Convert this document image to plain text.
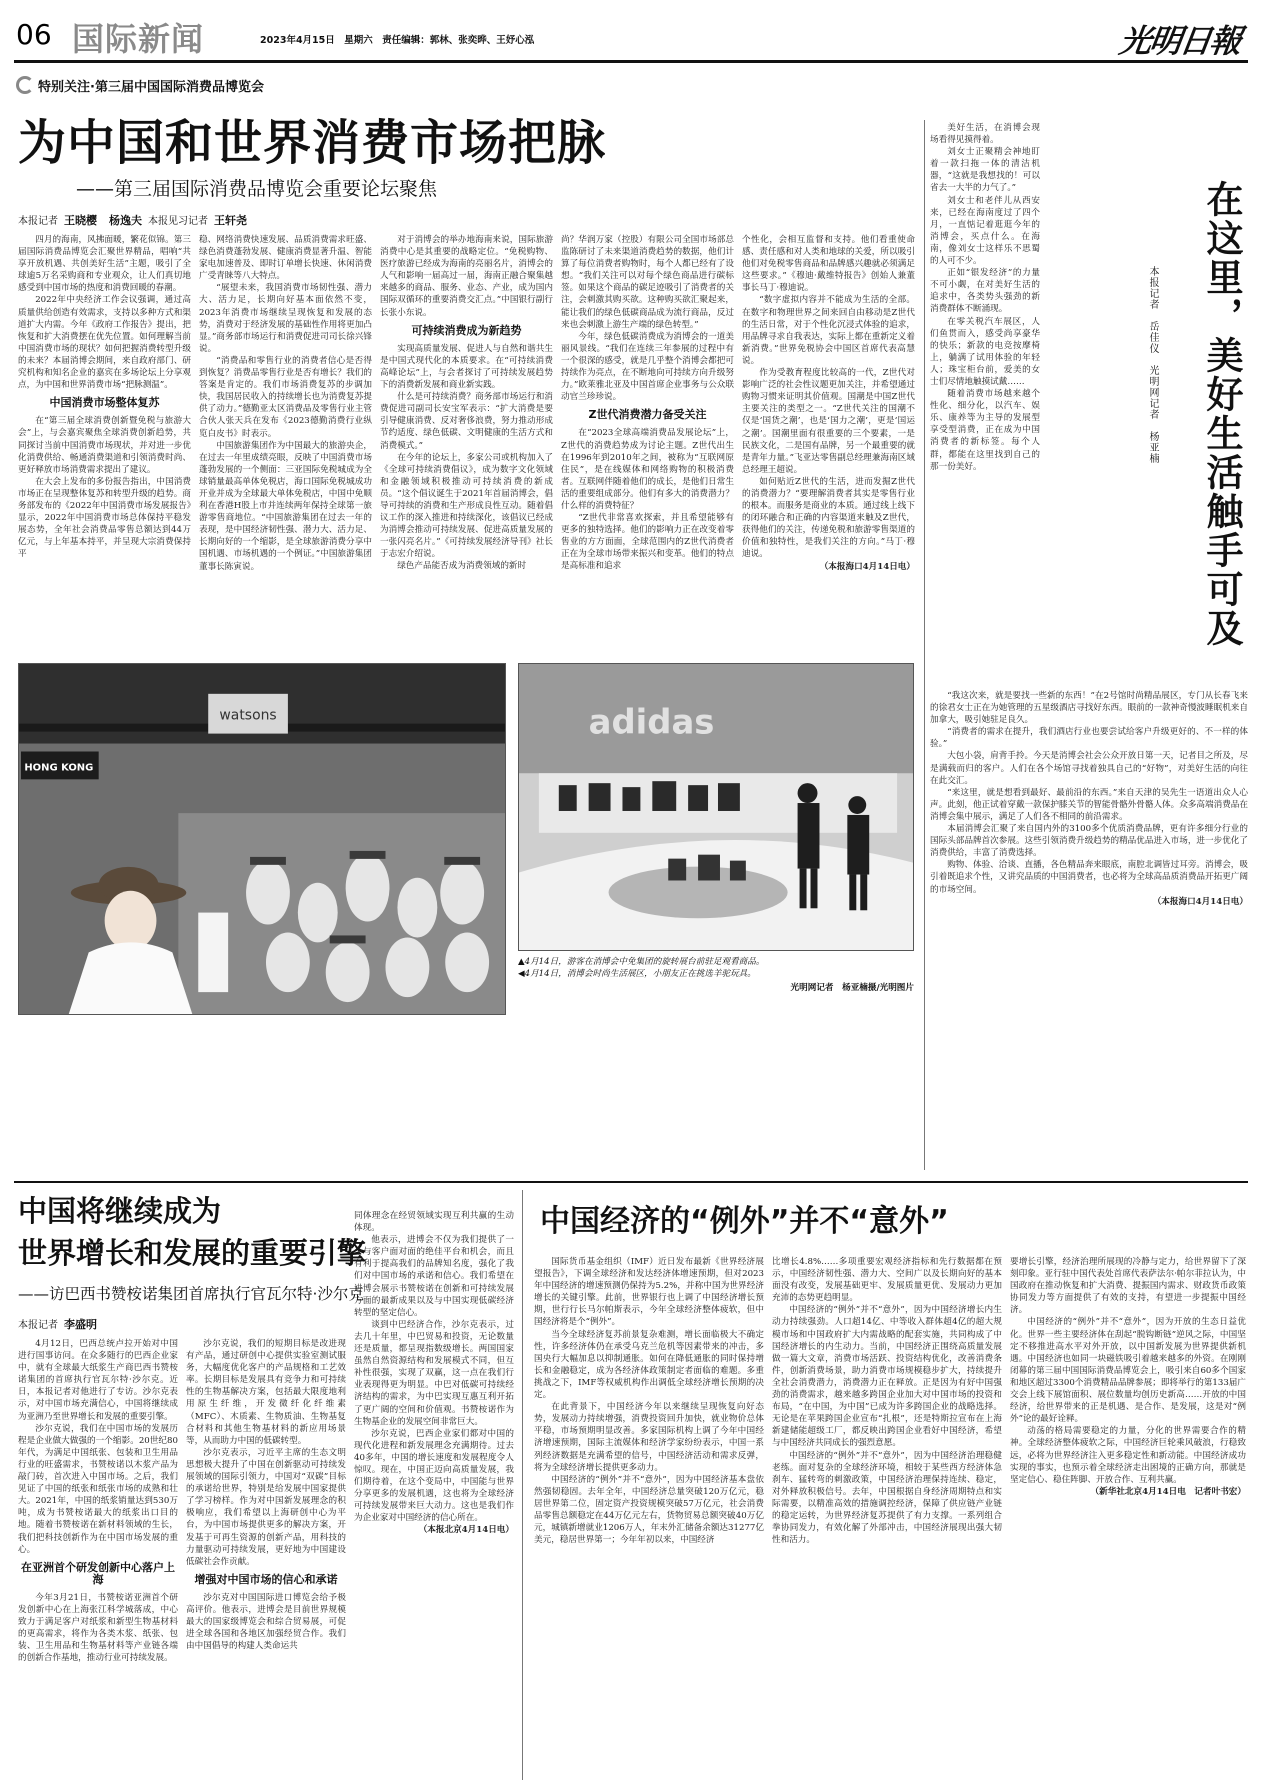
06 国际新闻	2023年4月15日　星期六　责任编辑：郭林、张奕晔、王妤心泓	光明日報
特别关注·第三届中国国际消费品博览会
为中国和世界消费市场把脉
——第三届国际消费品博览会重要论坛聚焦
本报记者 王晓樱 杨逸夫 本报见习记者 王轩尧

四月的海南，风拂面暖，繁花似锦。第三届国际消费品博览会汇聚世界精品，唱响“共享开放机遇、共创美好生活”主题，吸引了全球逾5万名采购商和专业观众，让人们真切地感受到中国市场的热度和消费回暖的春潮。

2022年中央经济工作会议强调，通过高质量供给创造有效需求，支持以多种方式和渠道扩大内需。今年《政府工作报告》提出，把恢复和扩大消费摆在优先位置。如何理解当前中国消费市场的现状？如何把握消费转型升级的未来？本届消博会期间，来自政府部门、研究机构和知名企业的嘉宾在多场论坛上分享观点，为中国和世界消费市场“把脉测温”。

中国消费市场整体复苏

在“第三届全球消费创新暨免税与旅游大会”上，与会嘉宾聚焦全球消费创新趋势，共同探讨当前中国消费市场现状，并对进一步优化消费供给、畅通消费渠道和引领消费时尚、更好释放市场消费需求提出了建议。

在大会上发布的多份报告指出，中国消费市场正在呈现整体复苏和转型升级的趋势。商务部发布的《2022年中国消费市场发展报告》显示，2022年中国消费市场总体保持平稳发展态势，全年社会消费品零售总额达到44万亿元，与上年基本持平，并呈现大宗消费保持平

稳、网络消费快速发展、品质消费需求旺盛、绿色消费蓬勃发展、健康消费显著升温、智能家电加速普及、即时订单增长快速、休闲消费广受青睐等八大特点。

“展望未来，我国消费市场韧性强、潜力大、活力足，长期向好基本面依然不变，2023年消费市场继续呈现恢复和发展的态势，消费对于经济发展的基础性作用将更加凸显。”商务部市场运行和消费促进司司长徐兴锋说。

“消费品和零售行业的消费者信心是否得到恢复？消费品零售行业是否有增长？我们的答案是肯定的。我们市场消费复苏的步调加快，我国居民收入的持续增长也为消费复苏提供了动力。”德勤亚太区消费品及零售行业主管合伙人张天兵在发布《2023德勤消费行业纵览白皮书》时表示。

中国旅游集团作为中国最大的旅游央企，在过去一年里成绩亮眼，反映了中国消费市场蓬勃发展的一个侧面：三亚国际免税城成为全球销量最高单体免税店，海口国际免税城成功开业并成为全球最大单体免税店，中国中免顺利在香港H股上市并连续两年保持全球第一旅游零售商地位。“中国旅游集团在过去一年的表现，是中国经济韧性强、潜力大、活力足、长期向好的一个缩影，是全球旅游消费分享中国机遇、市场机遇的一个例证。”中国旅游集团董事长陈寅说。

对于消博会的举办地海南来说，国际旅游消费中心是其重要的战略定位。“免税购物、医疗旅游已经成为海南的亮丽名片，消博会的人气和影响一届高过一届，海南正融合聚集越来越多的商品、服务、业态、产业，成为国内国际双循环的重要消费交汇点。”中国银行副行长张小东说。

可持续消费成为新趋势

实现高质量发展、促进人与自然和谐共生是中国式现代化的本质要求。在“可持续消费高峰论坛”上，与会者探讨了可持续发展趋势下的消费新发展和商业新实践。

什么是可持续消费？商务部市场运行和消费促进司副司长安宝军表示：“扩大消费是要引导健康消费、反对奢侈浪费，努力推动形成节约适度、绿色低碳、文明健康的生活方式和消费模式。”

在今年的论坛上，多家公司或机构加入了《全球可持续消费倡议》，成为数字文化领域和金融领域积极推动可持续消费的新成员。“这个倡议诞生于2021年首届消博会，倡导可持续的消费和生产形成良性互动。随着倡议工作的深入推进和持续深化，该倡议已经成为消博会推动可持续发展、促进高质量发展的一张闪亮名片。”《可持续发展经济导刊》社长于志宏介绍说。

绿色产品能否成为消费领域的新时

尚？华润万家（控股）有限公司全国市场部总监陈研讨了未来渠道消费趋势的数据，他们计算了每位消费者购物时，每个人都已经有了设想。“我们关注可以对每个绿色商品进行碳标签。如果这个商品的碳足迹吸引了消费者的关注，会刺激其购买欲。这种购买欲汇聚起来，能让我们的绿色低碳商品成为流行商品，反过来也会刺激上游生产端的绿色转型。”

今年，绿色低碳消费成为消博会的一道美丽风景线。“我们在连续三年参展的过程中有一个很深的感受，就是几乎整个消博会都把可持续作为亮点，在不断地向可持续方向升级努力。”欧莱雅北亚及中国首席企业事务与公众联动官兰珍珍说。

Z世代消费潜力备受关注

在“2023全球高端消费品发展论坛”上，Z世代的消费趋势成为讨论主题。Z世代出生在1996年到2010年之间，被称为“互联网原住民”，是在线媒体和网络购物的积极消费者。互联网伴随着他们的成长，是他们日常生活的重要组成部分。他们有多大的消费潜力？什么样的消费特征？

“Z世代非常喜欢探索，并且希望能够有更多的独特选择。他们的影响力正在改变着零售业的方方面面，全球范围内的Z世代消费者正在为全球市场带来振兴和变革。他们的特点是高标准和追求

个性化，会相互监督和支持。他们看重使命感、责任感和对人类和地球的关爱，所以吸引他们对免税零售商品和品牌感兴趣就必须满足这些要求。”《穆迪·戴维特报告》创始人兼董事长马丁·穆迪说。

“数字虚拟内容并不能成为生活的全部。在数字和物理世界之间来回自由移动是Z世代的生活日常，对于个性化沉浸式体验的追求，用品牌寻求自我表达，实际上都在重新定义着新消费。”世界免税协会中国区首席代表高慧说。

作为受教育程度比较高的一代，Z世代对影响广泛的社会性议题更加关注，并希望通过购物习惯来证明其价值观。国潮是中国Z世代主要关注的类型之一。“Z世代关注的国潮不仅是‘国货之潮’，也是‘国力之潮’，更是‘国运之潮’。国潮里面有很重要的三个要素，一是民族文化，二是国有品牌，另一个最重要的就是青年力量。”飞亚达零售副总经理兼海南区域总经理王超说。

如何贴近Z世代的生活，进而发掘Z世代的消费潜力？“要理解消费者其实是零售行业的根本。而服务是商业的本质。通过线上线下的闭环融合和正确的内容渠道来触及Z世代，获得他们的关注，传递免税和旅游零售渠道的价值和独特性，是我们关注的方向。”马丁·穆迪说。

（本报海口4月14日电）	在这里，美好生活触手可及
本报记者　岳佳仪　光明网记者　杨亚楠

美好生活，在消博会现场看得见摸得着。

刘女士正聚精会神地盯着一款扫拖一体的清洁机器，“这就是我想找的！可以省去一大半的力气了。”

刘女士和老伴儿从西安来，已经在海南度过了四个月，一直惦记着逛逛今年的消博会，买点什么。在海南，像刘女士这样乐不思蜀的人可不少。

正如“银发经济”的力量不可小觑，在对美好生活的追求中，各类势头强劲的新消费群体不断涌现。

在零关税汽车展区，人们鱼贯而入，感受尚享豪华的快乐；新款的电竞按摩椅上，躺满了试用体验的年轻人；珠宝柜台前，爱美的女士们尽情地触摸试戴……

随着消费市场越来越个性化、细分化，以汽车、娱乐、康养等为主导的发展型享受型消费，正在成为中国消费者的新标签。每个人群，都能在这里找到自己的那一份美好。

“我这次来，就是要找一些新的东西！”在2号馆时尚精品展区，专门从长春飞来的徐君女士正在为她管理的五星级酒店寻找好东西。眼前的一款神奇慢波睡眠机来自加拿大，吸引她驻足良久。

“消费者的需求在提升，我们酒店行业也要尝试给客户升级更好的、不一样的体验。”

大包小袋，肩背手拎。今天是消博会社会公众开放日第一天，记者目之所及，尽是满载而归的客户。人们在各个场馆寻找着独具自己的“好物”，对美好生活的向往在此交汇。

“来这里，就是想看到最好、最前沿的东西。”来自天津的吴先生一语道出众人心声。此刻，他正试着穿戴一款保护膝关节的智能骨骼外骨骼人体。众多高端消费品在消博会集中展示，满足了人们各不相同的前沿需求。

本届消博会汇聚了来自国内外的3100多个优质消费品牌，更有许多细分行业的国际头部品牌首次参展。这些引领消费升级趋势的精品优品进入市场，进一步优化了消费供给，丰富了消费选择。

购物、体验、洽谈、直播，各色精品奔来眼底，南腔北调皆过耳旁。消博会，吸引着既追求个性，又讲究品质的中国消费者，也必将为全球高品质消费品开拓更广阔的市场空间。

（本报海口4月14日电）

watsons
HONG KONG
adidas
▲4月14日，游客在消博会中免集团的旋转展台前驻足观看商品。
◀4月14日，消博会时尚生活展区，小朋友正在挑选羊驼玩具。
光明网记者　杨亚楠摄/光明图片
中国将继续成为
世界增长和发展的重要引擎
——访巴西书赞桉诺集团首席执行官瓦尔特·沙尔克
本报记者 李盛明

4月12日，巴西总统卢拉开始对中国进行国事访问。在众多随行的巴西企业家中，就有全球最大纸浆生产商巴西书赞桉诺集团的首席执行官瓦尔特·沙尔克。近日，本报记者对他进行了专访。沙尔克表示，对中国市场充满信心，中国将继续成为亚洲乃至世界增长和发展的重要引擎。

沙尔克说，我们在中国市场的发展历程是企业做大做强的一个缩影。20世纪80年代，为满足中国纸张、包装和卫生用品行业的旺盛需求，书赞桉诺以木浆产品为敲门砖，首次进入中国市场。之后，我们见证了中国的纸张和纸张市场的成熟和壮大。2021年，中国的纸浆销量达到530万吨，成为书赞桉诺最大的纸浆出口目的地。随着书赞桉诺在新材料领域的生长，我们把科技创新作为在中国市场发展的重心。

在亚洲首个研发创新中心落户上海

今年3月21日，书赞桉诺亚洲首个研发创新中心在上海张江科学城落成，中心致力于满足客户对纸浆和新型生物基材料的更高需求，将作为各类木浆、纸张、包装、卫生用品和生物基材料等产业链各端的创新合作基地，推动行业可持续发展。

沙尔克说，我们的短期目标是改进现有产品，通过研创中心提供实验室测试服务，大幅度优化客户的产品规格和工艺效率。长期目标是发展具有竞争力和可持续性的生物基解决方案，包括最大限度地利用原生纤维，开发微纤化纤维素（MFC）、木质素、生物质油、生物基复合材料和其他生物基材料的新应用场景等，从而助力中国的低碳转型。

沙尔克表示，习近平主席的生态文明思想极大提升了中国在创新驱动可持续发展领域的国际引领力，中国对“双碳”目标的承诺给世界，特别是给发展中国家提供了学习榜样。作为对中国新发展理念的积极响应，我们希望以上海研创中心为平台，为中国市场提供更多的解决方案，开发基于可再生资源的创新产品，用科技的力量驱动可持续发展，更好地为中国建设低碳社会作贡献。

增强对中国市场的信心和承诺

沙尔克对中国国际进口博览会给予极高评价。他表示，进博会是目前世界规模最大的国家级博览会和综合贸易展，可促进全球各国和各地区加强经贸合作。我们由中国倡导的构建人类命运共

同体理念在经贸领域实现互利共赢的生动体现。

他表示，进博会不仅为我们提供了一个与客户面对面的绝佳平台和机会，而且有利于提高我们的品牌知名度，强化了我们对中国市场的承诺和信心。我们希望在进博会展示书赞桉诺在创新和可持续发展方面的最新成果以及与中国实现低碳经济转型的坚定信心。

谈到中巴经济合作，沙尔克表示，过去几十年里，中巴贸易和投资，无论数量还是质量，都呈现指数级增长。两国国家虽然自然资源结构和发展模式不同，但互补性很强，实现了双赢，这一点在我们行业表现得更为明显。中巴对低碳可持续经济结构的需求，为中巴实现互惠互利开拓了更广阔的空间和价值观。书赞桉诺作为生物基企业的发展空间非常巨大。

沙尔克说，巴西企业家们都对中国的现代化进程和新发展理念充满期待。过去40多年，中国的增长速度和发展程度令人惊叹。现在，中国正迈向高质量发展，我们期待着，在这个变局中，中国能与世界分享更多的发展机遇，这也将为全球经济可持续发展带来巨大动力。这也是我们作为企业家对中国经济的信心所在。

（本报北京4月14日电）

中国经济的“例外”并不“意外”

国际货币基金组织（IMF）近日发布最新《世界经济展望报告》，下调全球经济和发达经济体增速预期，但对2023年中国经济的增速预测仍保持为5.2%，并称中国为世界经济增长的关键引擎。此前，世界银行也上调了中国经济增长预期，世行行长马尔帕斯表示，今年全球经济整体疲软，但中国经济将是个“例外”。

当今全球经济复苏前景复杂难测，增长面临极大不确定性，许多经济体仍在承受乌克兰危机等因素带来的冲击，多国央行大幅加息以抑制通胀。如何在降低通胀的同时保持增长和金融稳定，成为各经济体政策制定者面临的难题。多重挑战之下，IMF等权威机构作出调低全球经济增长预期的决定。

在此背景下，中国经济今年以来继续呈现恢复向好态势，发展动力持续增强，消费投资回升加快，就业物价总体平稳，市场预期明显改善。多家国际机构上调了今年中国经济增速预期，国际主流媒体和经济学家纷纷表示，中国一系列经济数据是充满希望的信号，中国经济活动和需求反弹，将为全球经济增长提供更多动力。

中国经济的“例外”并不“意外”，因为中国经济基本盘依然强韧稳固。去年全年，中国经济总量突破120万亿元，稳居世界第二位，固定资产投资规模突破57万亿元，社会消费品零售总额稳定在44万亿元左右，货物贸易总额突破40万亿元，城镇新增就业1206万人，年末外汇储备余额达31277亿美元，稳居世界第一；今年年初以来，中国经济

比增长4.8%……多项重要宏观经济指标和先行数据都在预示，中国经济韧性强、潜力大、空间广以及长期向好的基本面没有改变，发展基础更牢、发展质量更优、发展动力更加充沛的态势更趋明显。

中国经济的“例外”并不“意外”，因为中国经济增长内生动力持续强劲。人口超14亿、中等收入群体超4亿的超大规模市场和中国政府扩大内需战略的配套实施，共同构成了中国经济增长的内生动力。当前，中国经济正围绕高质量发展做一篇大文章，消费市场活跃、投资结构优化，改善消费条件，创新消费场景，助力消费市场规模稳步扩大，持续提升全社会消费潜力，消费潜力正在释放。正是因为有好中国强劲的消费需求，越来越多跨国企业加大对中国市场的投资和布局，“在中国，为中国”已成为许多跨国企业的战略选择。无论是在苹果跨国企业宣布“扎根”，还是特斯拉宣布在上海新建储能超级工厂，都反映出跨国企业看好中国经济，希望与中国经济共同成长的强烈意愿。

中国经济的“例外”并不“意外”，因为中国经济治理稳健老练。面对复杂的全球经济环境，相较于某些西方经济体急刹车、猛转弯的刺激政策，中国经济治理保持连续、稳定，对外释放积极信号。去年，中国根据自身经济周期特点和实际需要，以精准高效的措施调控经济，保障了供应链产业链的稳定运转，为世界经济复苏提供了有力支撑。一系列组合拳协同发力，有效化解了外部冲击，中国经济展现出强大韧性和活力。

要增长引擎，经济治理所展现的冷静与定力，给世界留下了深刻印象。亚行驻中国代表处首席代表萨法尔·帕尔菲拉认为，中国政府在推动恢复和扩大消费、提振国内需求、财政货币政策协同发力等方面提供了有效的支持，有望进一步提振中国经济。

中国经济的“例外”并不“意外”，因为开放的生态日益优化。世界一些主要经济体在刮起“脱钩断链”逆风之际，中国坚定不移推进高水平对外开放，以中国新发展为世界提供新机遇。中国经济也如同一块磁铁吸引着越来越多的外资。在刚刚闭幕的第三届中国国际消费品博览会上，吸引来自60多个国家和地区超过3300个消费精品品牌参展；即将举行的第133届广交会上线下展馆面积、展位数量均创历史新高……开放的中国经济，给世界带来的正是机遇、是合作、是发展，这是对“例外”论的最好诠释。

动荡的格局需要稳定的力量，分化的世界需要合作的精神。全球经济整体疲软之际，中国经济巨轮乘风破浪，行稳致远，必将为世界经济注入更多稳定性和新动能。中国经济成功实现的事实，也预示着全球经济走出困境的正确方向，那就是坚定信心、稳住阵脚、开放合作、互利共赢。

（新华社北京4月14日电　记者叶书宏）
